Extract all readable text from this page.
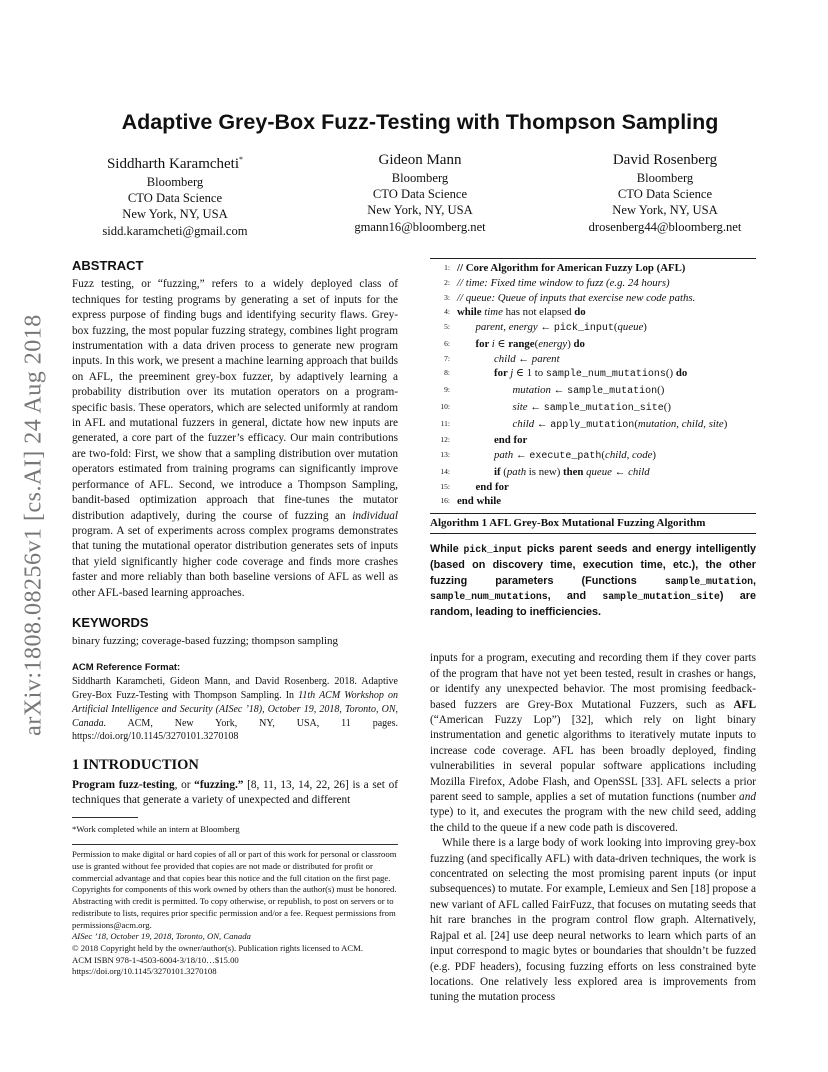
arXiv:1808.08256v1 [cs.AI] 24 Aug 2018
Adaptive Grey-Box Fuzz-Testing with Thompson Sampling
Siddharth Karamcheti*
Bloomberg
CTO Data Science
New York, NY, USA
sidd.karamcheti@gmail.com
Gideon Mann
Bloomberg
CTO Data Science
New York, NY, USA
gmann16@bloomberg.net
David Rosenberg
Bloomberg
CTO Data Science
New York, NY, USA
drosenberg44@bloomberg.net
ABSTRACT

Fuzz testing, or “fuzzing,” refers to a widely deployed class of techniques for testing programs by generating a set of inputs for the express purpose of finding bugs and identifying security flaws. Grey-box fuzzing, the most popular fuzzing strategy, combines light program instrumentation with a data driven process to generate new program inputs. In this work, we present a machine learning approach that builds on AFL, the preeminent grey-box fuzzer, by adaptively learning a probability distribution over its mutation operators on a program-specific basis. These operators, which are selected uniformly at random in AFL and mutational fuzzers in general, dictate how new inputs are generated, a core part of the fuzzer’s efficacy. Our main contributions are two-fold: First, we show that a sampling distribution over mutation operators estimated from training programs can significantly improve performance of AFL. Second, we introduce a Thompson Sampling, bandit-based optimization approach that fine-tunes the mutator distribution adaptively, during the course of fuzzing an individual program. A set of experiments across complex programs demonstrates that tuning the mutational operator distribution generates sets of inputs that yield significantly higher code coverage and finds more crashes faster and more reliably than both baseline versions of AFL as well as other AFL-based learning approaches.

KEYWORDS

binary fuzzing; coverage-based fuzzing; thompson sampling

ACM Reference Format:

Siddharth Karamcheti, Gideon Mann, and David Rosenberg. 2018. Adaptive Grey-Box Fuzz-Testing with Thompson Sampling. In 11th ACM Workshop on Artificial Intelligence and Security (AISec ’18), October 19, 2018, Toronto, ON, Canada. ACM, New York, NY, USA, 11 pages. https://doi.org/10.1145/3270101.3270108

1 INTRODUCTION

Program fuzz-testing, or “fuzzing.” [8, 11, 13, 14, 22, 26] is a set of techniques that generate a variety of unexpected and different

*Work completed while an intern at Bloomberg
Permission to make digital or hard copies of all or part of this work for personal or classroom use is granted without fee provided that copies are not made or distributed for profit or commercial advantage and that copies bear this notice and the full citation on the first page. Copyrights for components of this work owned by others than the author(s) must be honored. Abstracting with credit is permitted. To copy otherwise, or republish, to post on servers or to redistribute to lists, requires prior specific permission and/or a fee. Request permissions from permissions@acm.org.
AISec ’18, October 19, 2018, Toronto, ON, Canada
© 2018 Copyright held by the owner/author(s). Publication rights licensed to ACM.
ACM ISBN 978-1-4503-6004-3/18/10…$15.00
https://doi.org/10.1145/3270101.3270108
1: // Core Algorithm for American Fuzzy Lop (AFL)
2: // time: Fixed time window to fuzz (e.g. 24 hours)
3: // queue: Queue of inputs that exercise new code paths.
4: while time has not elapsed do
5:	parent, energy ← pick_input(queue)
6:	for i ∈ range(energy) do
7:	child ← parent
8:	for j ∈ 1 to sample_num_mutations() do
9:	mutation ← sample_mutation()
10:	site ← sample_mutation_site()
11:	child ← apply_mutation(mutation, child, site)
12:	end for
13:	path ← execute_path(child, code)
14:	if (path is new) then queue ← child
15:	end for
16: end while
Algorithm 1 AFL Grey-Box Mutational Fuzzing Algorithm
While pick_input picks parent seeds and energy intelligently (based on discovery time, execution time, etc.), the other fuzzing parameters (Functions sample_mutation, sample_num_mutations, and sample_mutation_site) are random, leading to inefficiencies.

inputs for a program, executing and recording them if they cover parts of the program that have not yet been tested, result in crashes or hangs, or identify any unexpected behavior. The most promising feedback-based fuzzers are Grey-Box Mutational Fuzzers, such as AFL (“American Fuzzy Lop”) [32], which rely on light binary instrumentation and genetic algorithms to iteratively mutate inputs to increase code coverage. AFL has been broadly deployed, finding vulnerabilities in several popular software applications including Mozilla Firefox, Adobe Flash, and OpenSSL [33]. AFL selects a prior parent seed to sample, applies a set of mutation functions (number and type) to it, and executes the program with the new child seed, adding the child to the queue if a new code path is discovered.

While there is a large body of work looking into improving grey-box fuzzing (and specifically AFL) with data-driven techniques, the work is concentrated on selecting the most promising parent inputs (or input subsequences) to mutate. For example, Lemieux and Sen [18] propose a new variant of AFL called FairFuzz, that focuses on mutating seeds that hit rare branches in the program control flow graph. Alternatively, Rajpal et al. [24] use deep neural networks to learn which parts of an input correspond to magic bytes or boundaries that shouldn’t be fuzzed (e.g. PDF headers), focusing fuzzing efforts on less constrained byte locations. One relatively less explored area is improvements from tuning the mutation process
